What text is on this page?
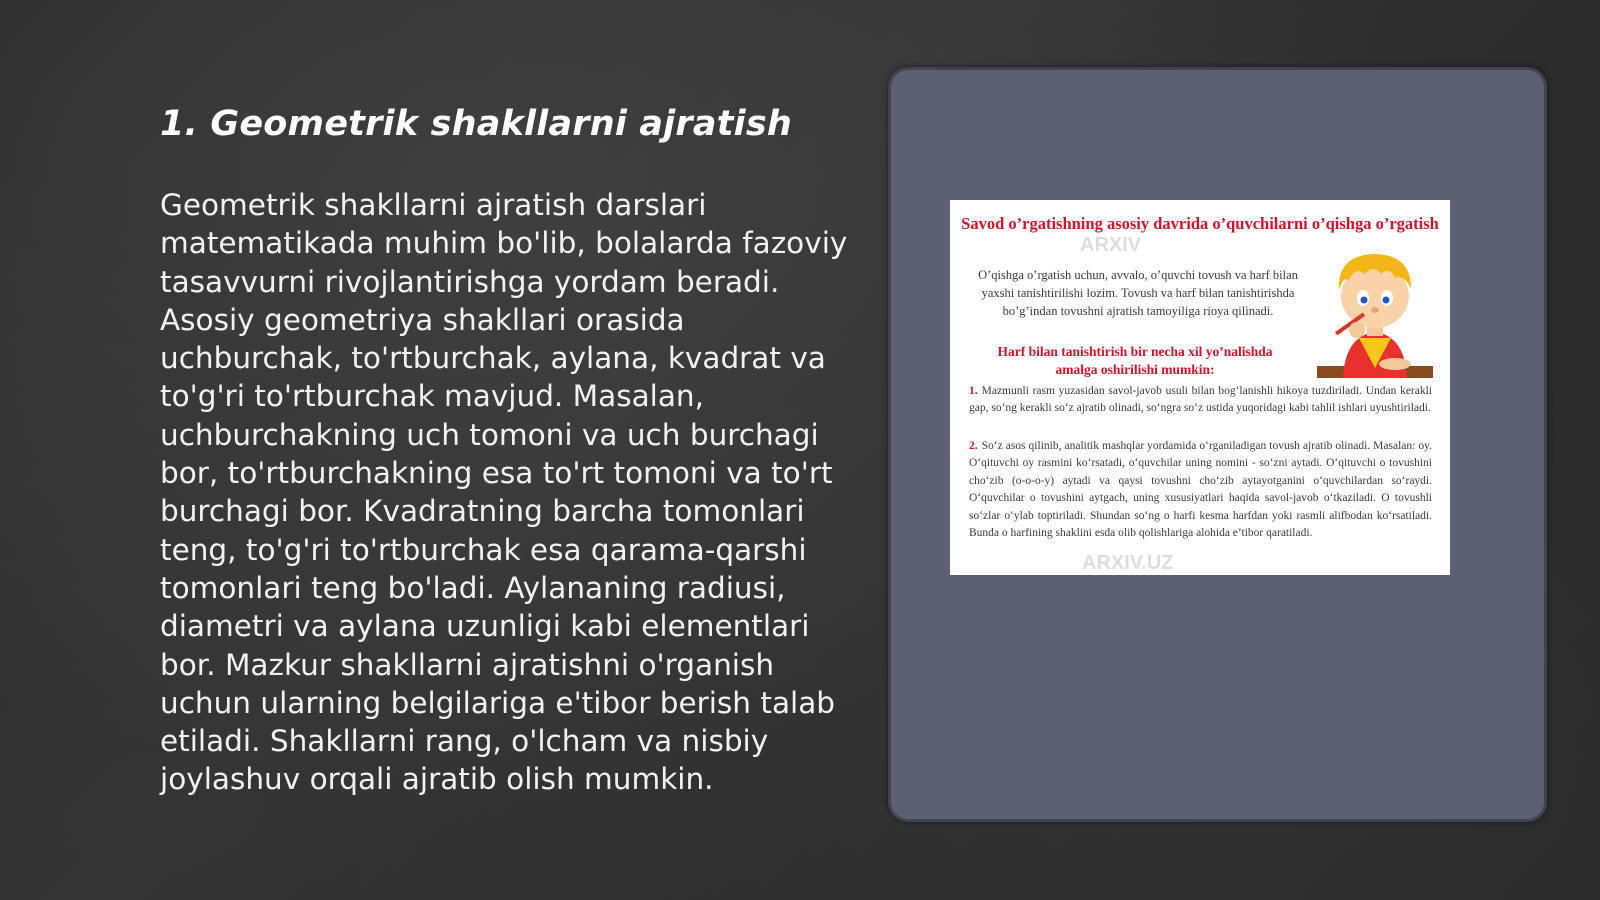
1. Geometrik shakllarni ajratish

Geometrik shakllarni ajratish darslari matematikada muhim bo'lib, bolalarda fazoviy tasavvurni rivojlantirishga yordam beradi. Asosiy geometriya shakllari orasida uchburchak, to'rtburchak, aylana, kvadrat va to'g'ri to'rtburchak mavjud. Masalan, uchburchakning uch tomoni va uch burchagi bor, to'rtburchakning esa to'rt tomoni va to'rt burchagi bor. Kvadratning barcha tomonlari teng, to'g'ri to'rtburchak esa qarama-qarshi tomonlari teng bo'ladi. Aylananing radiusi, diametri va aylana uzunligi kabi elementlari bor. Mazkur shakllarni ajratishni o'rganish uchun ularning belgilariga e'tibor berish talab etiladi. Shakllarni rang, o'lcham va nisbiy joylashuv orqali ajratib olish mumkin.

ARXIV
Savod o’rgatishning asosiy davrida o’quvchilarni o’qishga o’rgatish
O’qishga o’rgatish uchun, avvalo, o’quvchi tovush va harf bilan yaxshi tanishtirilishi lozim. Tovush va harf bilan tanishtirishda bo’g’indan tovushni ajratish tamoyiliga rioya qilinadi.
Harf bilan tanishtirish bir necha xil yo’nalishda amalga oshirilishi mumkin:
1. Mazmunli rasm yuzasidan savol-javob usuli bilan bog‘lanishli hikoya tuzdiriladi. Undan kerakli gap, so‘ng kerakli so‘z ajratib olinadi, so‘ngra so‘z ustida yuqoridagi kabi tahlil ishlari uyushtiriladi.
2. So‘z asos qilinib, analitik mashqlar yordamida o‘rganiladigan tovush ajratib olinadi. Masalan: oy. O‘qituvchi oy rasmini ko‘rsatadi, o‘quvchilar uning nomini - so‘zni aytadi. O‘qituvchi o tovushini cho‘zib (o-o-o-y) aytadi va qaysi tovushni cho‘zib aytayotganini o‘quvchilardan so‘raydi. O‘quvchilar o tovushini aytgach, uning xususiyatlari haqida savol-javob o‘tkaziladi. O tovushli so‘zlar o‘ylab toptiriladi. Shundan so‘ng o harfi kesma harfdan yoki rasmli alifbodan ko‘rsatiladi. Bunda o harfining shaklini esda olib qolishlariga alohida e’tibor qaratiladi.
ARXIV.UZ
